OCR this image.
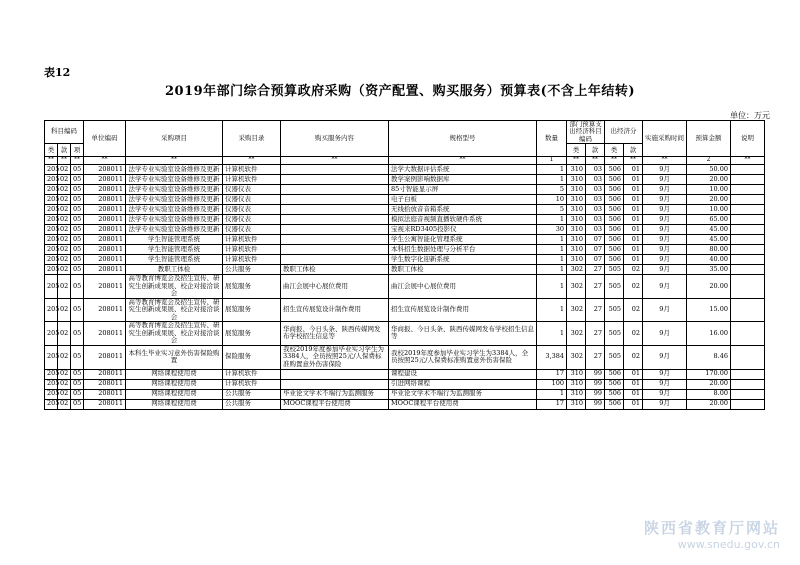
表12
2019年部门综合预算政府采购（资产配置、购买服务）预算表(不含上年结转)
单位：万元
科目编码			单位编码	采购项目	采购目录	购买服务内容	规格型号	数量	部门预算支出经济科目编码		出经济分		实施采购时间	预算金额	说明
类	款	项							类	款	类	款			
**	**	**	**	**	**	**	**	1	**	**	**	**	**	2	**
205	02	05	208011	法学专业实验室设备维修及更新	计算机软件		法学大数据评估系统	1	310	03	506	01	9月	50.00	
205	02	05	208011	法学专业实验室设备维修及更新	计算机软件		教学案例影响数据库	1	310	03	506	01	9月	20.00	
205	02	05	208011	法学专业实验室设备维修及更新	仪器仪表		85寸智能显示屏	5	310	03	506	01	9月	10.00	
205	02	05	208011	法学专业实验室设备维修及更新	仪器仪表		电子白板	10	310	03	506	01	9月	20.00	
205	02	05	208011	法学专业实验室设备维修及更新	仪器仪表		无线拾放音音箱系统	5	310	03	506	01	9月	10.00	
205	02	05	208011	法学专业实验室设备维修及更新	仪器仪表		模拟法庭音视频直播软硬件系统	1	310	03	506	01	9月	65.00	
205	02	05	208011	法学专业实验室设备维修及更新	仪器仪表		宝视来RD3405投影仪	30	310	03	506	01	9月	45.00	
205	02	05	208011	学生智能管理系统	计算机软件		学生公寓智能化管理系统	1	310	07	506	01	9月	45.00	
205	02	05	208011	学生智能管理系统	计算机软件		本科招生数据处理与分析平台	1	310	07	506	01	9月	80.00	
205	02	05	208011	学生智能管理系统	计算机软件		学生数字化迎新系统	1	310	07	506	01	9月	40.00	
205	02	05	208011	教职工体检	公共服务	教职工体检	教职工体检	1	302	27	505	02	9月	35.00	
205	02	05	208011	高等教育博览会及招生宣传、研究生创新成果展、校企对接洽谈会	展览服务	曲江会展中心展位费用	曲江会展中心展位费用	1	302	27	505	02	9月	20.00	
205	02	05	208011	高等教育博览会及招生宣传、研究生创新成果展、校企对接洽谈会	展览服务	招生宣传展览设计制作费用	招生宣传展览设计制作费用	1	302	27	505	02	9月	15.00	
205	02	05	208011	高等教育博览会及招生宣传、研究生创新成果展、校企对接洽谈会	展览服务	华商报、今日头条、陕西传媒网发布学校招生信息等	华商报、今日头条、陕西传媒网发布学校招生信息等	1	302	27	505	02	9月	16.00	
205	02	05	208011	本科生毕业实习意外伤害保险购置	保险服务	我校2019年度参加毕业实习学生为3384人，全员按照25元/人保费标准购置意外伤害保险	我校2019年度参加毕业实习学生为3384人，全员按照25元/人保费标准购置意外伤害保险	3,384	302	27	505	02	9月	8.46	
205	02	05	208011	网络课程使用费	计算机软件		课程建设	17	310	99	506	01	9月	170.00	
205	02	05	208011	网络课程使用费	计算机软件		引进网络课程	100	310	99	506	01	9月	20.00	
205	02	05	208011	网络课程使用费	公共服务	毕业论文学术不端行为监测服务	毕业论文学术不端行为监测服务	1	310	99	506	01	9月	8.00	
205	02	05	208011	网络课程使用费	公共服务	MOOC课程平台使用费	MOOC课程平台使用费	17	310	99	506	01	9月	20.00	
陕西省教育厅网站
www.snedu.gov.cn
